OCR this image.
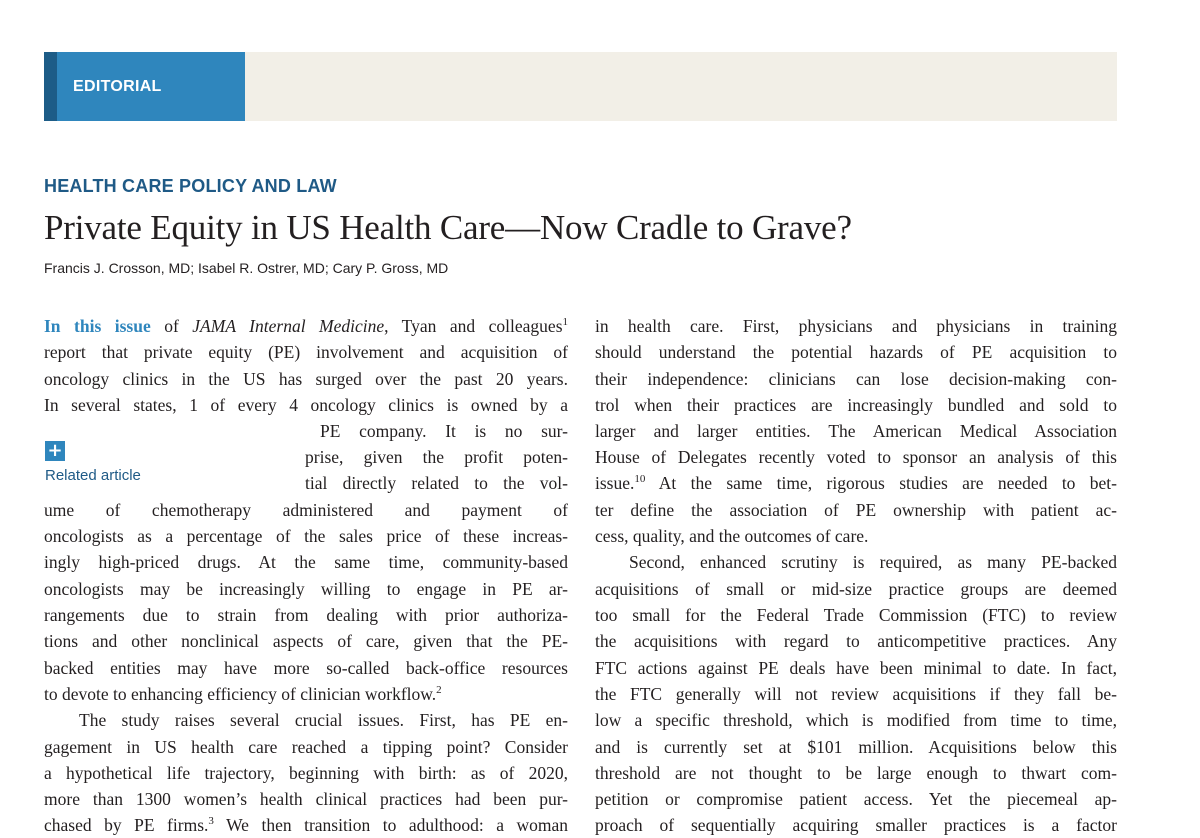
EDITORIAL
HEALTH CARE POLICY AND LAW
Private Equity in US Health Care—Now Cradle to Grave?
Francis J. Crosson, MD; Isabel R. Ostrer, MD; Cary P. Gross, MD
+
Related article
In this issue of JAMA Internal Medicine, Tyan and colleagues$^1$
report that private equity (PE) involvement and acquisition of
oncology clinics in the US has surged over the past 20 years.
In several states, 1 of every 4 oncology clinics is owned by a
PE company. It is no sur-
prise, given the profit poten-
tial directly related to the vol-
ume of chemotherapy administered and payment of
oncologists as a percentage of the sales price of these increas-
ingly high-priced drugs. At the same time, community-based
oncologists may be increasingly willing to engage in PE ar-
rangements due to strain from dealing with prior authoriza-
tions and other nonclinical aspects of care, given that the PE-
backed entities may have more so-called back-office resources
to devote to enhancing efficiency of clinician workflow.$^2$
The study raises several crucial issues. First, has PE en-
gagement in US health care reached a tipping point? Consider
a hypothetical life trajectory, beginning with birth: as of 2020,
more than 1300 women’s health clinical practices had been pur-
chased by PE firms.$^3$ We then transition to adulthood: a woman
in health care. First, physicians and physicians in training
should understand the potential hazards of PE acquisition to
their independence: clinicians can lose decision-making con-
trol when their practices are increasingly bundled and sold to
larger and larger entities. The American Medical Association
House of Delegates recently voted to sponsor an analysis of this
issue.$^{10}$ At the same time, rigorous studies are needed to bet-
ter define the association of PE ownership with patient ac-
cess, quality, and the outcomes of care.
Second, enhanced scrutiny is required, as many PE-backed
acquisitions of small or mid-size practice groups are deemed
too small for the Federal Trade Commission (FTC) to review
the acquisitions with regard to anticompetitive practices. Any
FTC actions against PE deals have been minimal to date. In fact,
the FTC generally will not review acquisitions if they fall be-
low a specific threshold, which is modified from time to time,
and is currently set at $101 million. Acquisitions below this
threshold are not thought to be large enough to thwart com-
petition or compromise patient access. Yet the piecemeal ap-
proach of sequentially acquiring smaller practices is a factor
